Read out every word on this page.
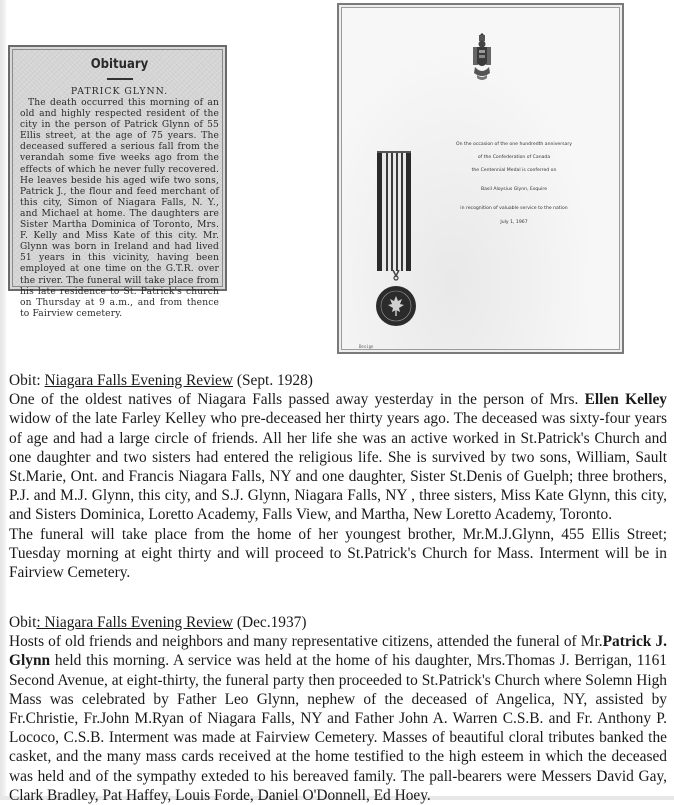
Obituary
PATRICK GLYNN.
The death occurred this morning of an old and highly respected resident of the city in the person of Patrick Glynn of 55 Ellis street, at the age of 75 years. The deceased suffered a serious fall from the verandah some five weeks ago from the effects of which he never fully recovered. He leaves beside his aged wife two sons, Patrick J., the flour and feed merchant of this city, Simon of Niagara Falls, N. Y., and Michael at home. The daughters are Sister Martha Dominica of Toronto, Mrs. F. Kelly and Miss Kate of this city. Mr. Glynn was born in Ireland and had lived 51 years in this vicinity, having been employed at one time on the G.T.R. over the river. The funeral will take place from his late residence to St. Patrick's church on Thursday at 9 a.m., and from thence to Fairview cemetery.
On the occasion of the one hundredth anniversary
of the Confederation of Canada
the Centennial Medal is conferred on
Basil Aloysius Glynn, Esquire
in recognition of valuable service to the nation
July 1, 1967
Design

Obit: Niagara Falls Evening Review (Sept. 1928)

One of the oldest natives of Niagara Falls passed away yesterday in the person of Mrs. Ellen Kelley widow of the late Farley Kelley who pre-deceased her thirty years ago. The deceased was sixty-four years of age and had a large circle of friends. All her life she was an active worked in St.Patrick's Church and one daughter and two sisters had entered the religious life. She is survived by two sons, William, Sault St.Marie, Ont. and Francis Niagara Falls, NY and one daughter, Sister St.Denis of Guelph; three brothers, P.J. and M.J. Glynn, this city, and S.J. Glynn, Niagara Falls, NY , three sisters, Miss Kate Glynn, this city, and Sisters Dominica, Loretto Academy, Falls View, and Martha, New Loretto Academy, Toronto.

The funeral will take place from the home of her youngest brother, Mr.M.J.Glynn, 455 Ellis Street; Tuesday morning at eight thirty and will proceed to St.Patrick's Church for Mass. Interment will be in Fairview Cemetery.

Obit: Niagara Falls Evening Review (Dec.1937)

Hosts of old friends and neighbors and many representative citizens, attended the funeral of Mr.Patrick J. Glynn held this morning. A service was held at the home of his daughter, Mrs.Thomas J. Berrigan, 1161 Second Avenue, at eight-thirty, the funeral party then proceeded to St.Patrick's Church where Solemn High Mass was celebrated by Father Leo Glynn, nephew of the deceased of Angelica, NY, assisted by Fr.Christie, Fr.John M.Ryan of Niagara Falls, NY and Father John A. Warren C.S.B. and Fr. Anthony P. Lococo, C.S.B. Interment was made at Fairview Cemetery. Masses of beautiful cloral tributes banked the casket, and the many mass cards received at the home testified to the high esteem in which the deceased was held and of the sympathy exteded to his bereaved family. The pall-bearers were Messers David Gay, Clark Bradley, Pat Haffey, Louis Forde, Daniel O'Donnell, Ed Hoey.
